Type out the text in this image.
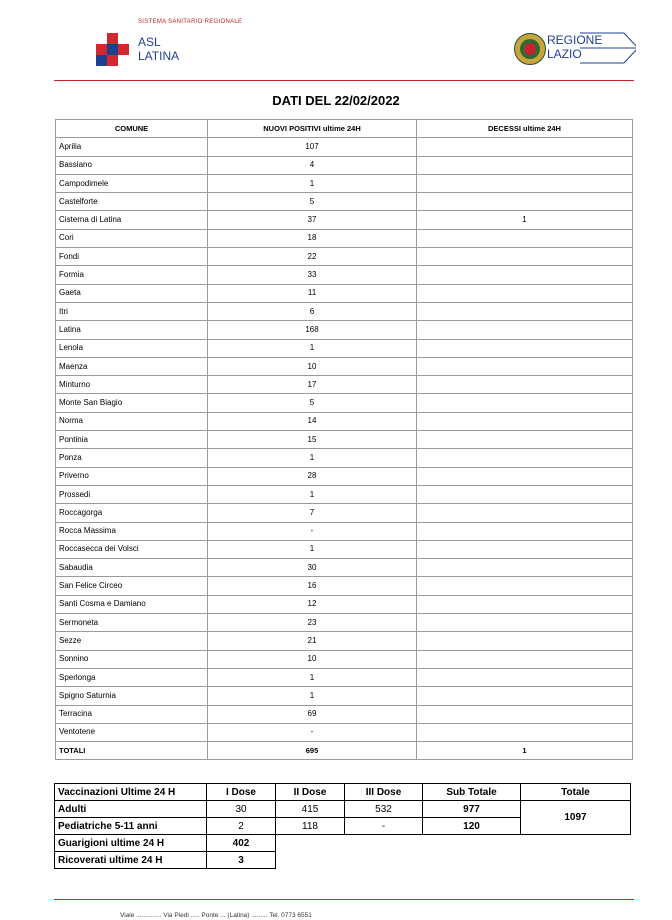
SISTEMA SANITARIO REGIONALE
ASL
LATINA
REGIONE
LAZIO
DATI DEL 22/02/2022
COMUNE	NUOVI POSITIVI ultime 24H	DECESSI ultime 24H
Aprilia	107	
Bassiano	4	
Campodimele	1	
Castelforte	5	
Cisterna di Latina	37	1
Cori	18	
Fondi	22	
Formia	33	
Gaeta	11	
Itri	6	
Latina	168	
Lenola	1	
Maenza	10	
Minturno	17	
Monte San Biagio	5	
Norma	14	
Pontinia	15	
Ponza	1	
Priverno	28	
Prossedi	1	
Roccagorga	7	
Rocca Massima	-	
Roccasecca dei Volsci	1	
Sabaudia	30	
San Felice Circeo	16	
Santi Cosma e Damiano	12	
Sermoneta	23	
Sezze	21	
Sonnino	10	
Sperlonga	1	
Spigno Saturnia	1	
Terracina	69	
Ventotene	-	
TOTALI	695	1
Vaccinazioni Ultime 24 H	I Dose	II Dose	III Dose	Sub Totale	Totale
Adulti	30	415	532	977	1097
Pediatriche 5-11 anni	2	118	-	120	
Guarigioni ultime 24 H	402				
Ricoverati ultime 24 H	3				
Viale .............. Via Piedi ..... Ponte ... (Latina) ......... Tel. 0773 6551
